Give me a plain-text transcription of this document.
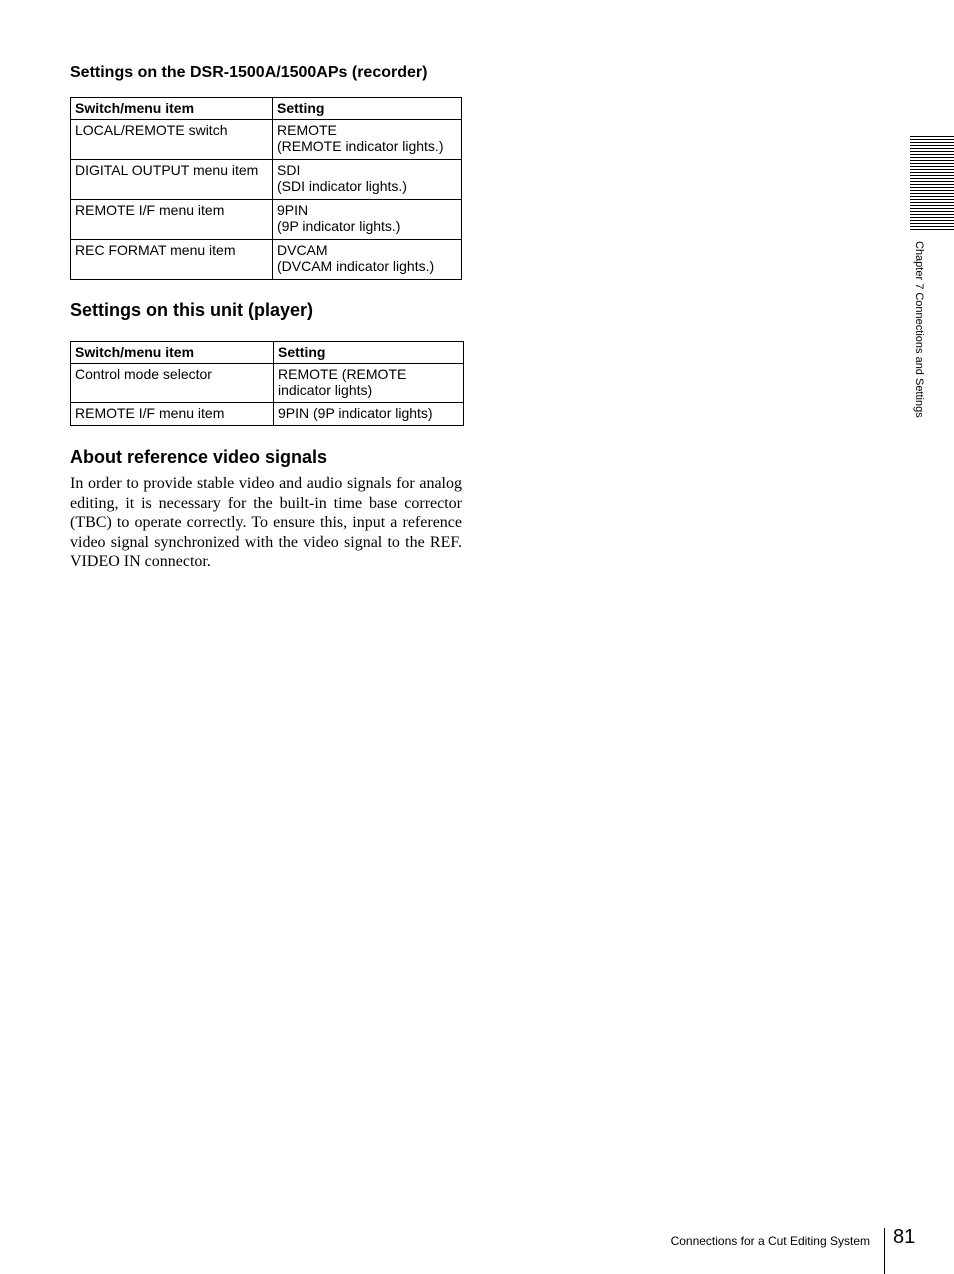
Settings on the DSR-1500A/1500APs (recorder)
Switch/menu item	Setting
LOCAL/REMOTE switch	REMOTE
(REMOTE indicator lights.)
DIGITAL OUTPUT menu item	SDI
(SDI indicator lights.)
REMOTE I/F menu item	9PIN
(9P indicator lights.)
REC FORMAT menu item	DVCAM
(DVCAM indicator lights.)
Settings on this unit (player)
Switch/menu item	Setting
Control mode selector	REMOTE (REMOTE indicator lights)
REMOTE I/F menu item	9PIN (9P indicator lights)
About reference video signals

In order to provide stable video and audio signals for analog editing, it is necessary for the built-in time base corrector (TBC) to operate correctly. To ensure this, input a reference video signal synchronized with the video signal to the REF. VIDEO IN connector.

Chapter 7 Connections and Settings
Connections for a Cut Editing System 81
